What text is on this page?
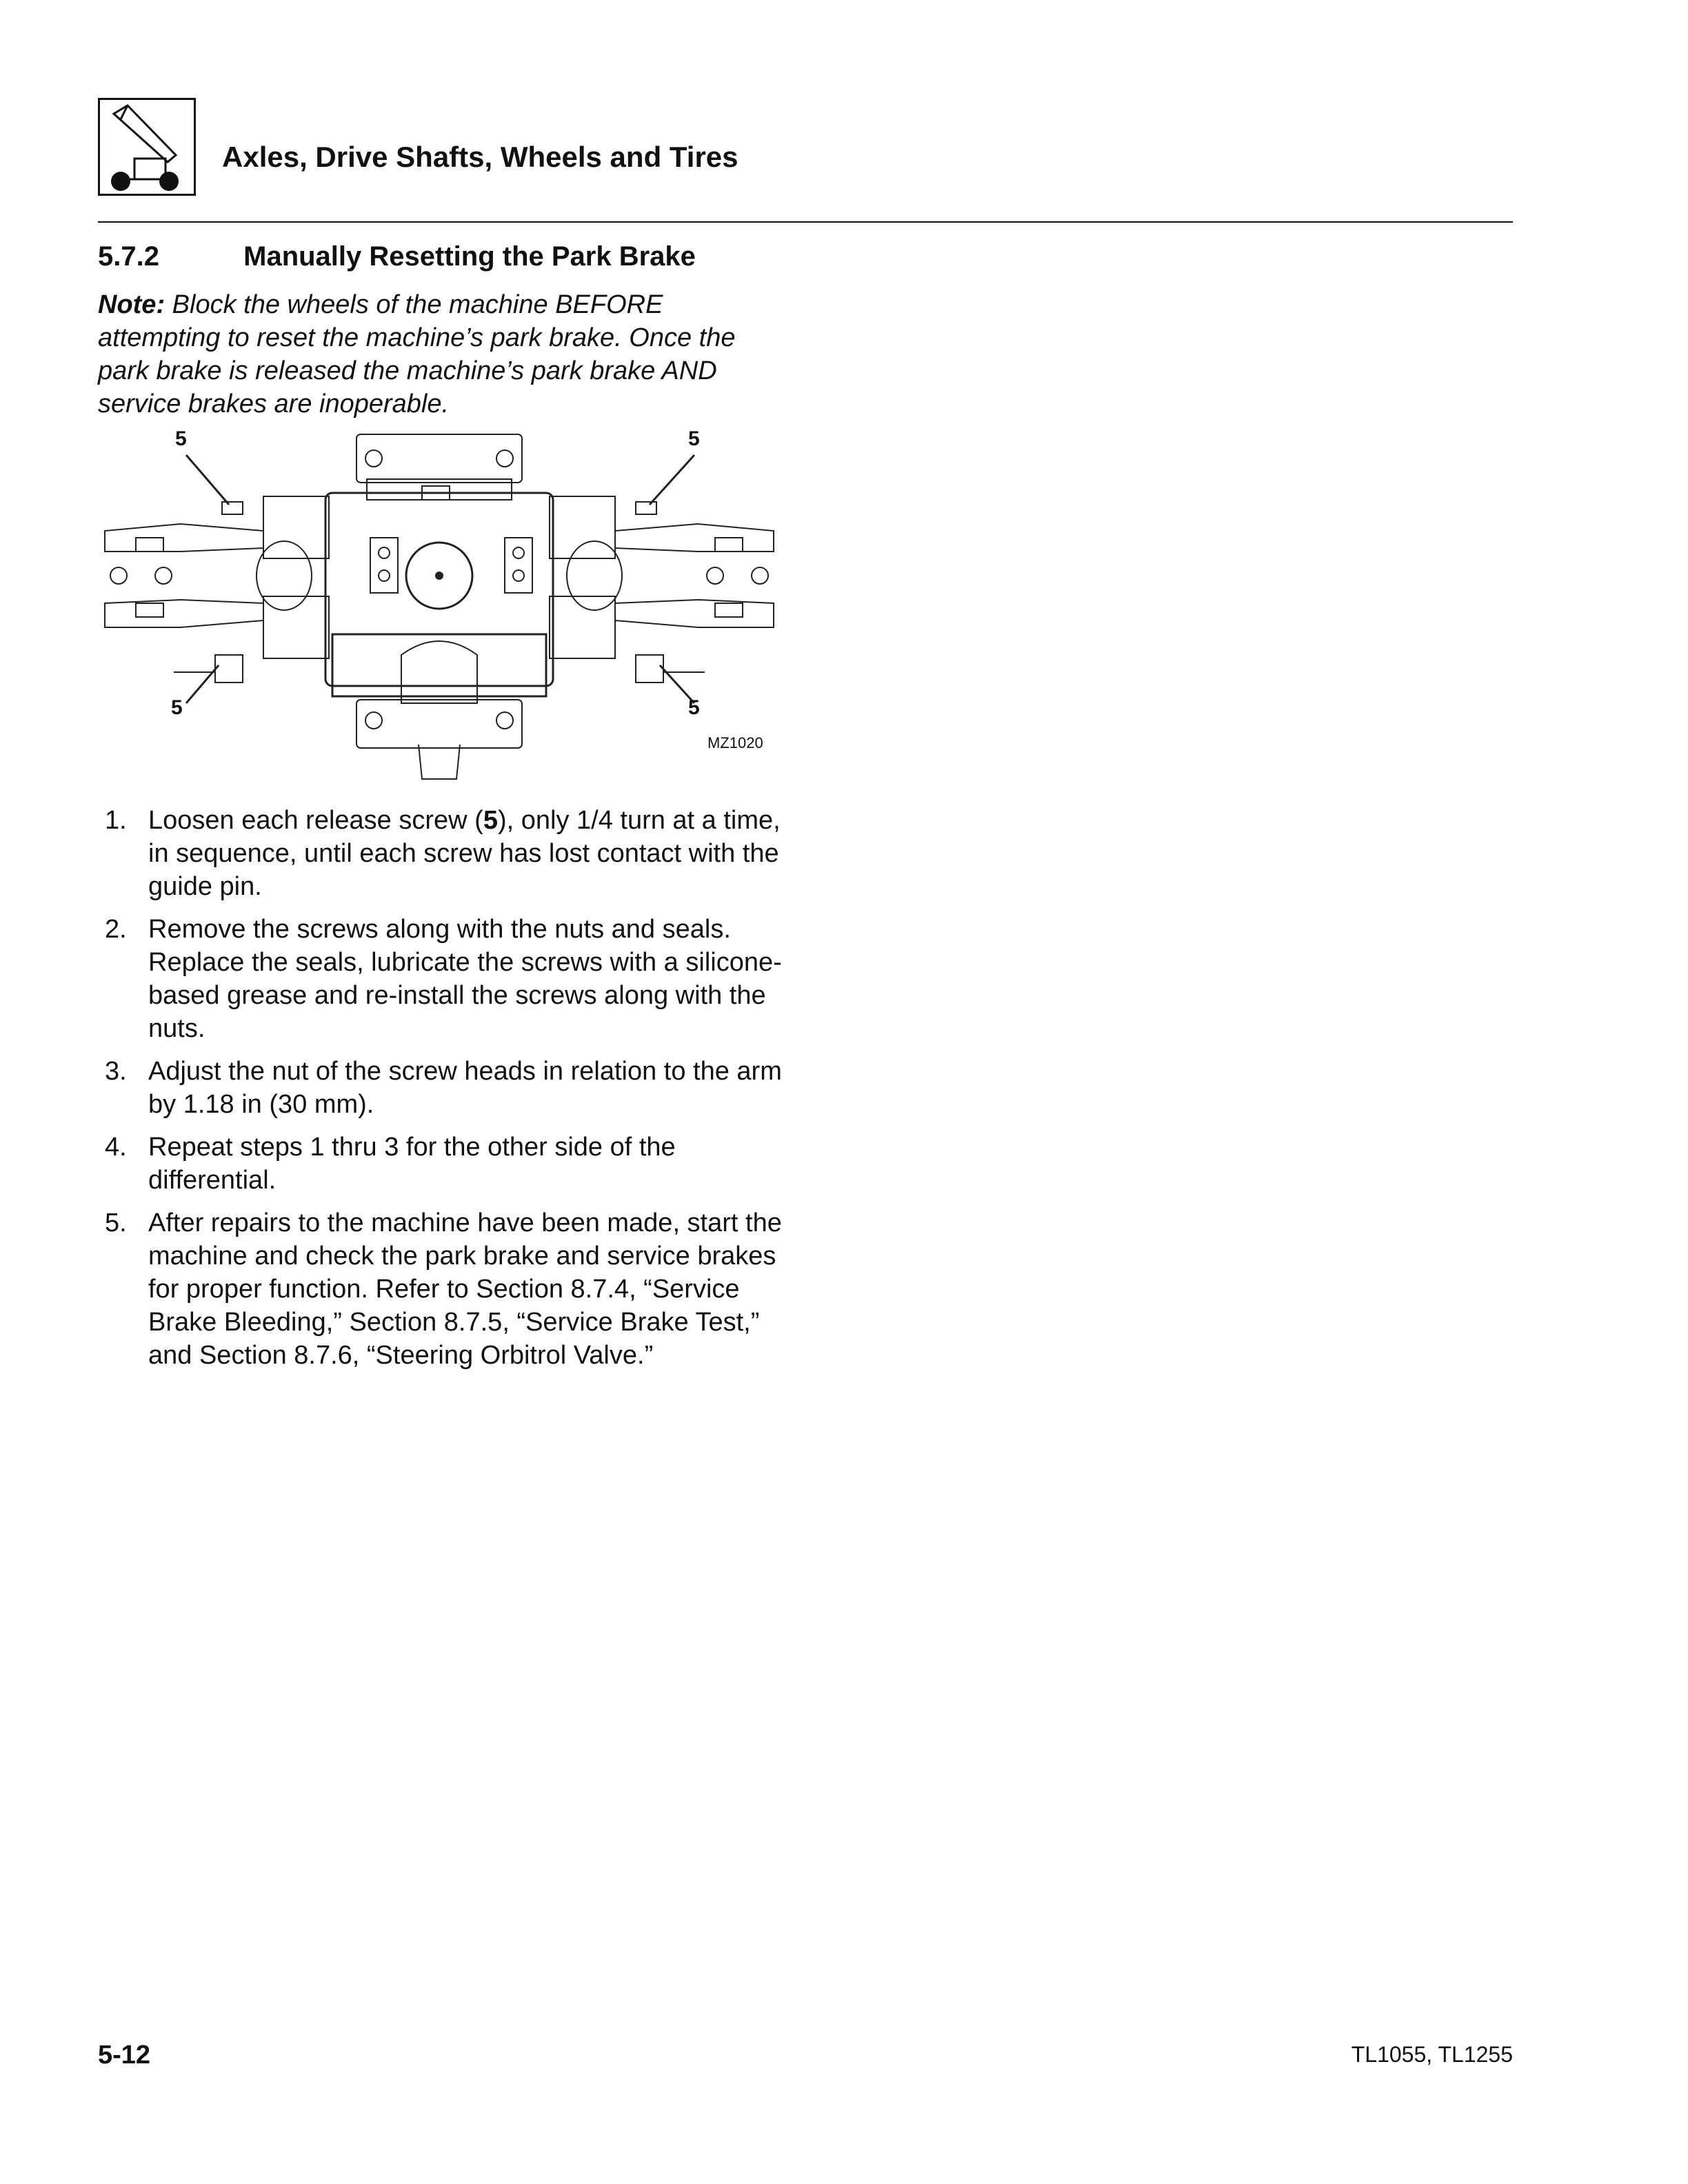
Axles, Drive Shafts, Wheels and Tires
5.7.2	Manually Resetting the Park Brake
Note: Block the wheels of the machine BEFORE attempting to reset the machine’s park brake. Once the park brake is released the machine’s park brake AND service brakes are inoperable.
5	5
5	5
MZ1020
1. Loosen each release screw (5), only 1/4 turn at a time, in sequence, until each screw has lost contact with the guide pin.
2. Remove the screws along with the nuts and seals. Replace the seals, lubricate the screws with a silicone-based grease and re-install the screws along with the nuts.
3. Adjust the nut of the screw heads in relation to the arm by 1.18 in (30 mm).
4. Repeat steps 1 thru 3 for the other side of the differential.
5. After repairs to the machine have been made, start the machine and check the park brake and service brakes for proper function. Refer to Section 8.7.4, “Service Brake Bleeding,” Section 8.7.5, “Service Brake Test,” and Section 8.7.6, “Steering Orbitrol Valve.”
5-12	TL1055, TL1255
